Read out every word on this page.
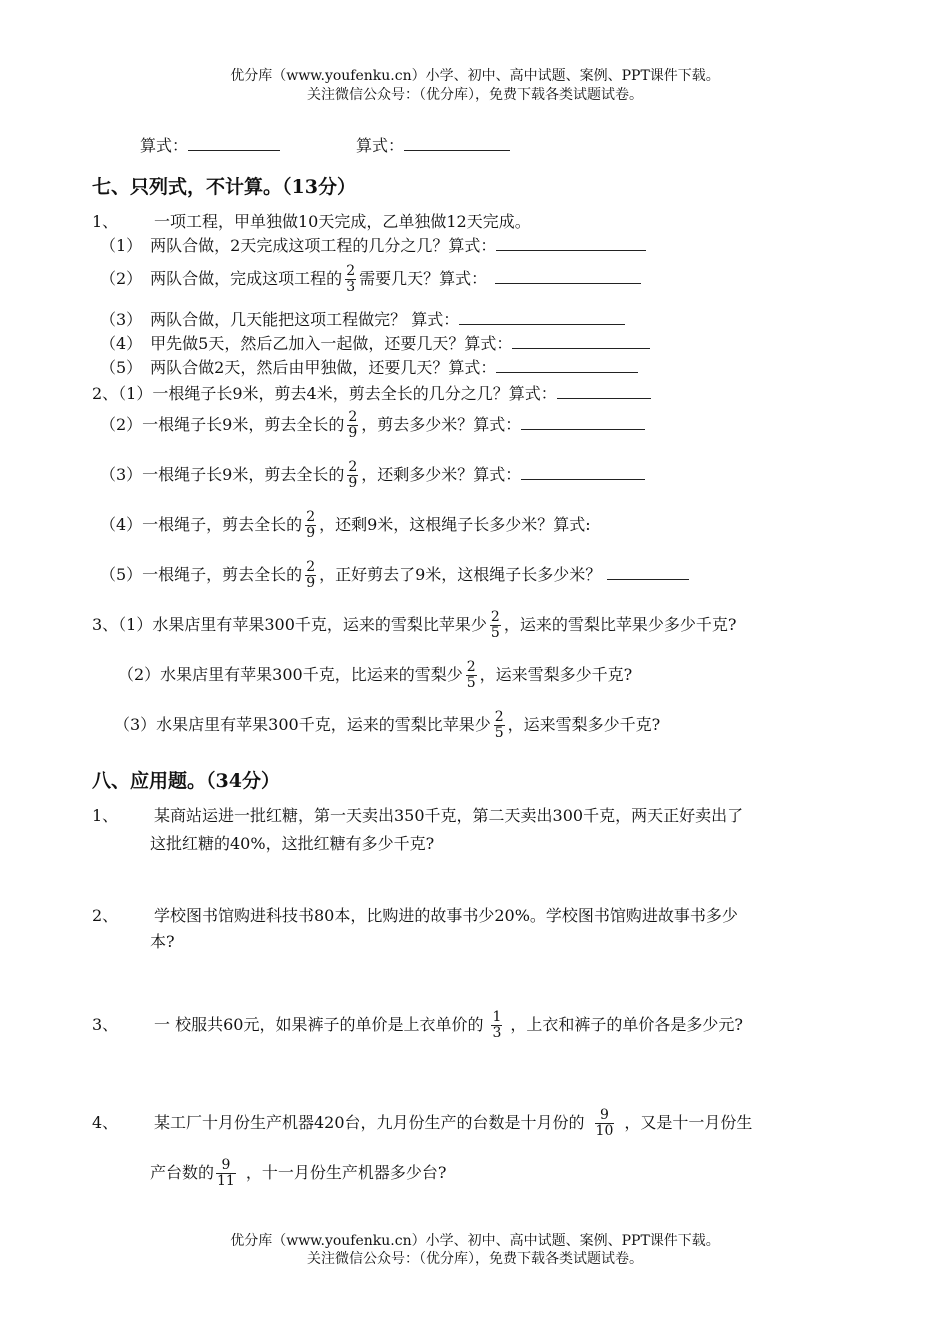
优分库（www.youfenku.cn）小学、初中、高中试题、案例、PPT课件下载。
关注微信公众号：（优分库），免费下载各类试题试卷。
算式：	算式：
七、只列式，不计算。（13分）
1、 一项工程，甲单独做10天完成，乙单独做12天完成。
（1）　两队合做，2天完成这项工程的几分之几？算式：
（2）　两队合做，完成这项工程的 $\frac{2}{3}$ 需要几天？算式：
（3）　两队合做，几天能把这项工程做完？ 算式：
（4）　甲先做5天，然后乙加入一起做，还要几天？算式：
（5）　两队合做2天，然后由甲独做，还要几天？算式：
2、（1）一根绳子长9米，剪去4米，剪去全长的几分之几？算式：
（2）一根绳子长9米，剪去全长的 $\frac{2}{9}$ ，剪去多少米？算式：
（3）一根绳子长9米，剪去全长的 $\frac{2}{9}$ ，还剩多少米？算式：
（4）一根绳子，剪去全长的 $\frac{2}{9}$ ，还剩9米，这根绳子长多少米？算式:
（5）一根绳子，剪去全长的 $\frac{2}{9}$ ，正好剪去了9米，这根绳子长多少米？
3、（1）水果店里有苹果300千克，运来的雪梨比苹果少 $\frac{2}{5}$ ，运来的雪梨比苹果少多少千克?
（2）水果店里有苹果300千克，比运来的雪梨少 $\frac{2}{5}$ ，运来雪梨多少千克?
（3）水果店里有苹果300千克，运来的雪梨比苹果少 $\frac{2}{5}$ ，运来雪梨多少千克?
八、应用题。（34分）
1、 某商站运进一批红糖，第一天卖出350千克，第二天卖出300千克，两天正好卖出了
这批红糖的40%，这批红糖有多少千克?
2、 学校图书馆购进科技书80本，比购进的故事书少20%。学校图书馆购进故事书多少
本?
3、 一 校服共60元，如果裤子的单价是上衣单价的 $\frac{1}{3}$ ，上衣和裤子的单价各是多少元?
4、 某工厂十月份生产机器420台，九月份生产的台数是十月份的 $\frac{9}{10}$ ，又是十一月份生
产台数的 $\frac{9}{11}$ ，十一月份生产机器多少台?
优分库（www.youfenku.cn）小学、初中、高中试题、案例、PPT课件下载。
关注微信公众号：（优分库），免费下载各类试题试卷。
